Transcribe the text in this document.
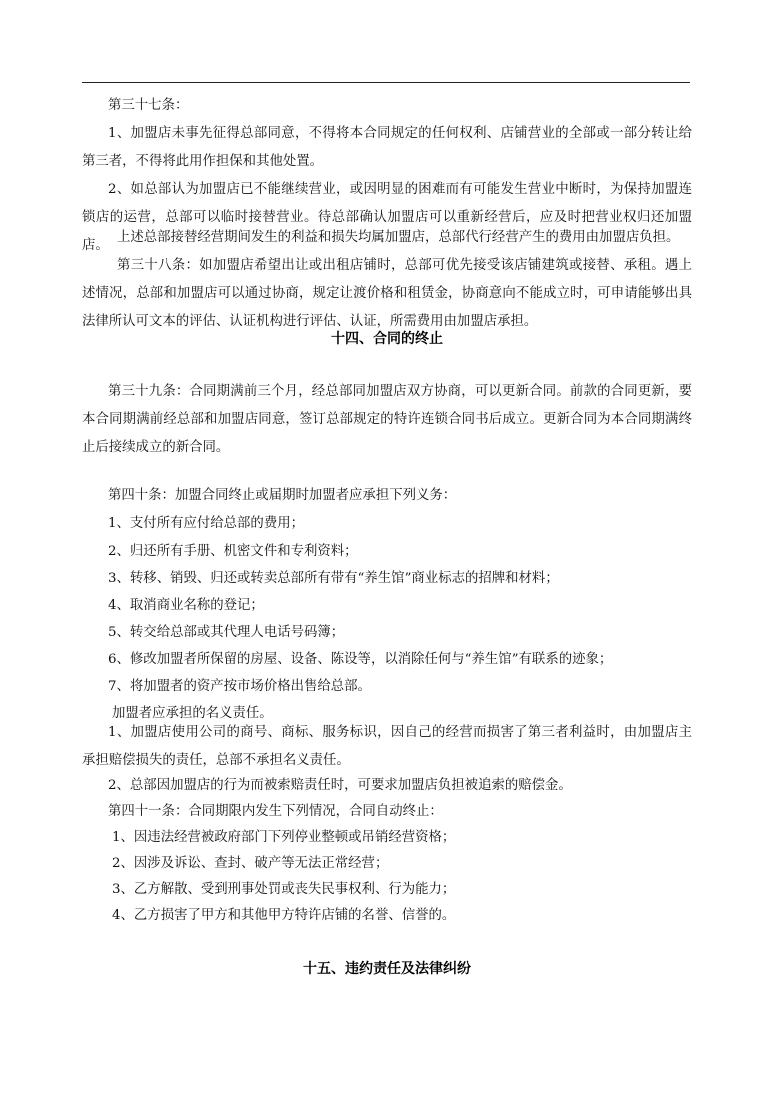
第三十七条：

1、加盟店未事先征得总部同意，不得将本合同规定的任何权利、店铺营业的全部或一部分转让给第三者，不得将此用作担保和其他处置。

2、如总部认为加盟店已不能继续营业，或因明显的困难而有可能发生营业中断时，为保持加盟连锁店的运营，总部可以临时接替营业。待总部确认加盟店可以重新经营后，应及时把营业权归还加盟店。

上述总部接替经营期间发生的利益和损失均属加盟店，总部代行经营产生的费用由加盟店负担。

第三十八条：如加盟店希望出让或出租店铺时，总部可优先接受该店铺建筑或接替、承租。遇上述情况，总部和加盟店可以通过协商，规定让渡价格和租赁金，协商意向不能成立时，可申请能够出具法律所认可文本的评估、认证机构进行评估、认证，所需费用由加盟店承担。

十四、合同的终止

第三十九条：合同期满前三个月，经总部同加盟店双方协商，可以更新合同。前款的合同更新，要本合同期满前经总部和加盟店同意，签订总部规定的特许连锁合同书后成立。更新合同为本合同期满终止后接续成立的新合同。

第四十条：加盟合同终止或届期时加盟者应承担下列义务：

1、支付所有应付给总部的费用；

2、归还所有手册、机密文件和专利资料；

3、转移、销毁、归还或转卖总部所有带有“养生馆”商业标志的招牌和材料；

4、取消商业名称的登记；

5、转交给总部或其代理人电话号码簿；

6、修改加盟者所保留的房屋、设备、陈设等，以消除任何与“养生馆”有联系的迹象；

7、将加盟者的资产按市场价格出售给总部。

加盟者应承担的名义责任。

1、加盟店使用公司的商号、商标、服务标识，因自己的经营而损害了第三者利益时，由加盟店主承担赔偿损失的责任，总部不承担名义责任。

2、总部因加盟店的行为而被索赔责任时，可要求加盟店负担被追索的赔偿金。

第四十一条：合同期限内发生下列情况，合同自动终止：

1、因违法经营被政府部门下列停业整顿或吊销经营资格；

2、因涉及诉讼、查封、破产等无法正常经营；

3、乙方解散、受到刑事处罚或丧失民事权利、行为能力；

4、乙方损害了甲方和其他甲方特许店铺的名誉、信誉的。

十五、违约责任及法律纠纷
